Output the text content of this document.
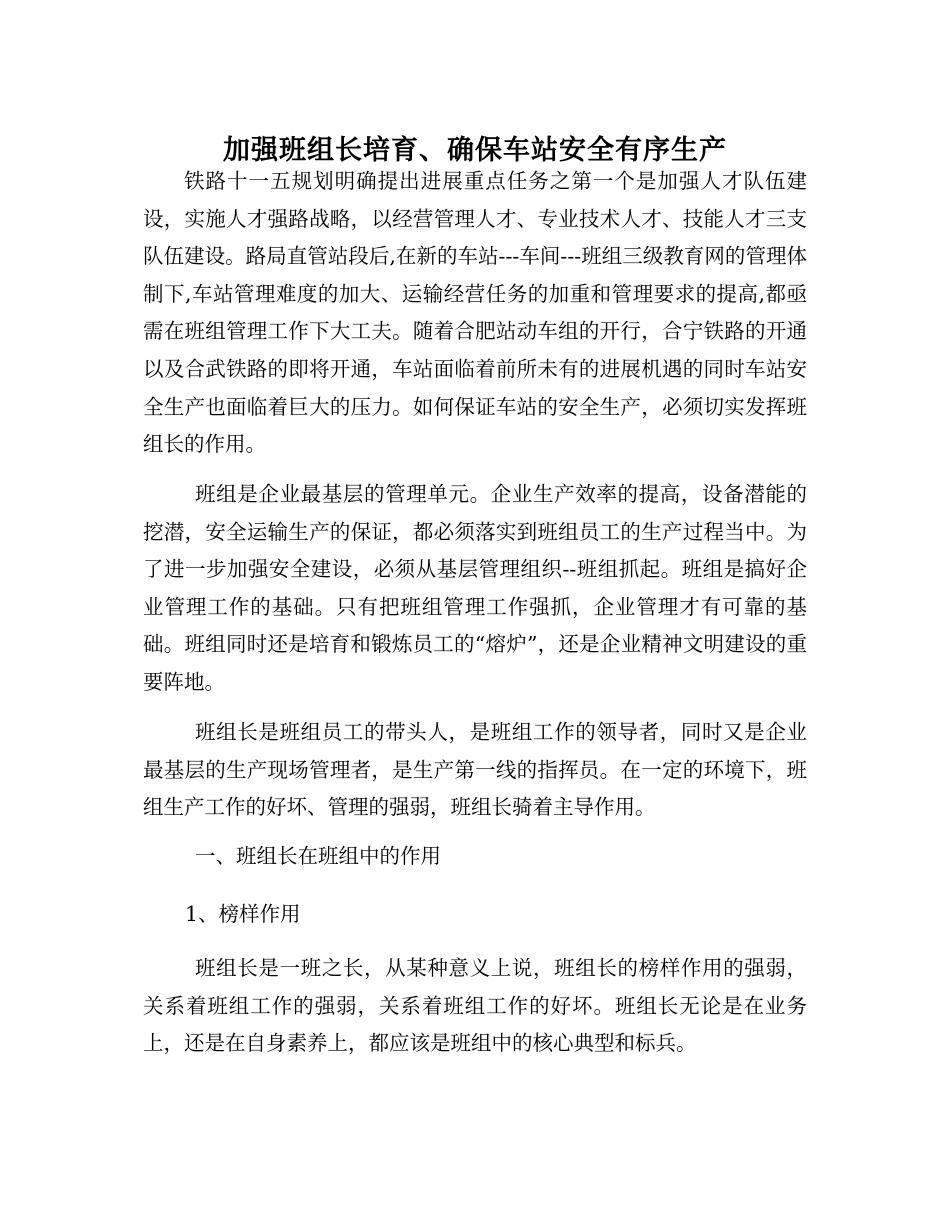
加强班组长培育、确保车站安全有序生产

铁路十一五规划明确提出进展重点任务之第一个是加强人才队伍建设，实施人才强路战略，以经营管理人才、专业技术人才、技能人才三支队伍建设。路局直管站段后,在新的车站---车间---班组三级教育网的管理体制下,车站管理难度的加大、运输经营任务的加重和管理要求的提高,都亟需在班组管理工作下大工夫。随着合肥站动车组的开行，合宁铁路的开通以及合武铁路的即将开通，车站面临着前所未有的进展机遇的同时车站安全生产也面临着巨大的压力。如何保证车站的安全生产，必须切实发挥班组长的作用。

班组是企业最基层的管理单元。企业生产效率的提高，设备潜能的挖潜，安全运输生产的保证，都必须落实到班组员工的生产过程当中。为了进一步加强安全建设，必须从基层管理组织--班组抓起。班组是搞好企业管理工作的基础。只有把班组管理工作强抓，企业管理才有可靠的基础。班组同时还是培育和锻炼员工的“熔炉”，还是企业精神文明建设的重要阵地。

班组长是班组员工的带头人，是班组工作的领导者，同时又是企业最基层的生产现场管理者，是生产第一线的指挥员。在一定的环境下，班组生产工作的好坏、管理的强弱，班组长骑着主导作用。

一、班组长在班组中的作用

1、榜样作用

班组长是一班之长，从某种意义上说，班组长的榜样作用的强弱，关系着班组工作的强弱，关系着班组工作的好坏。班组长无论是在业务上，还是在自身素养上，都应该是班组中的核心典型和标兵。
